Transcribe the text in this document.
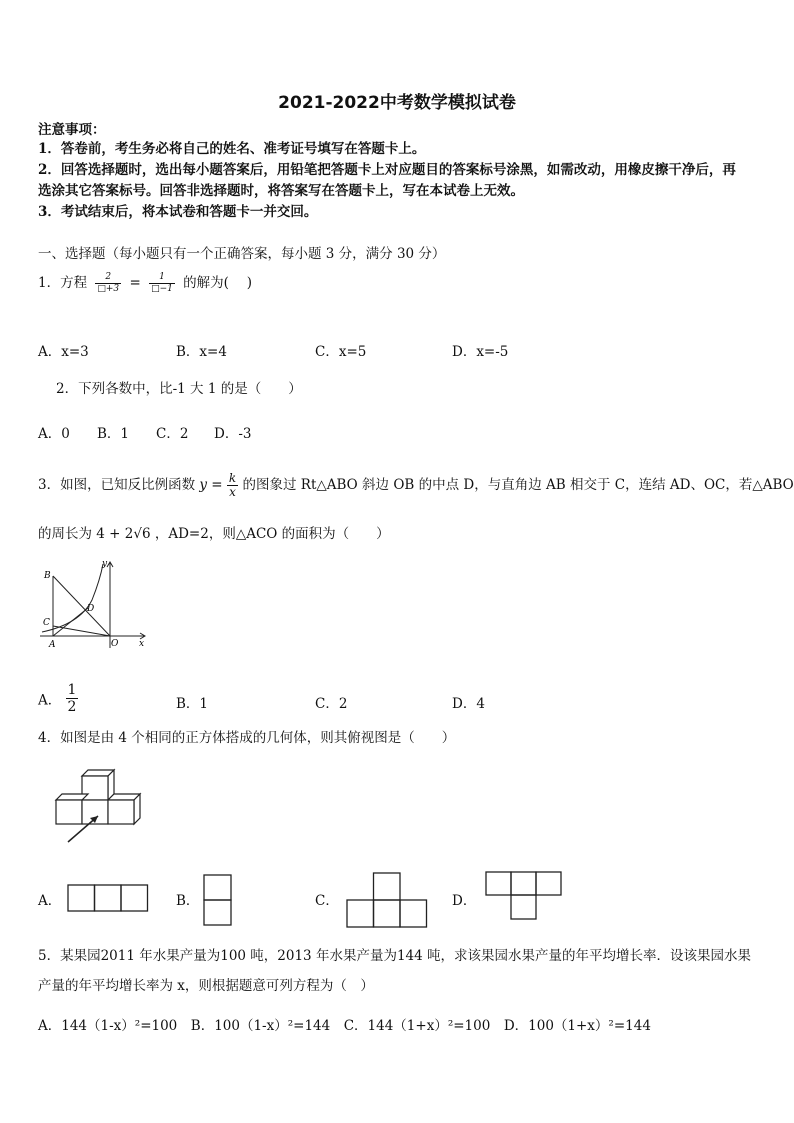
2021-2022中考数学模拟试卷
注意事项：
1．答卷前，考生务必将自己的姓名、准考证号填写在答题卡上。
2．回答选择题时，选出每小题答案后，用铅笔把答题卡上对应题目的答案标号涂黑，如需改动，用橡皮擦干净后，再
选涂其它答案标号。回答非选择题时，将答案写在答题卡上，写在本试卷上无效。
3．考试结束后，将本试卷和答题卡一并交回。
一、选择题（每小题只有一个正确答案，每小题 3 分，满分 30 分）
1．方程 $\frac{2}{□+3} = \frac{1}{□-1}$ 的解为(　 )
A．x=3	B．x=4	C．x=5	D．x=-5
2．下列各数中，比-1 大 1 的是（　　）
A．0 B．1 C．2 D．-3
3．如图，已知反比例函数 $y = \frac{k}{x}$ 的图象过 Rt△ABO 斜边 OB 的中点 D，与直角边 AB 相交于 C，连结 AD、OC，若△ABO
的周长为 4 + 2√6 ，AD=2，则△ACO 的面积为（　　）
B
C
D
A	O x
y
A． $\frac{1}{2}$	B．1	C．2	D．4
4．如图是由 4 个相同的正方体搭成的几何体，则其俯视图是（　　）
A．	B．	C．	D．
5．某果园2011 年水果产量为100 吨，2013 年水果产量为144 吨，求该果园水果产量的年平均增长率．设该果园水果
产量的年平均增长率为 x，则根据题意可列方程为（　）
A．144（1-x）²=100　B．100（1-x）²=144　C．144（1+x）²=100　D．100（1+x）²=144
